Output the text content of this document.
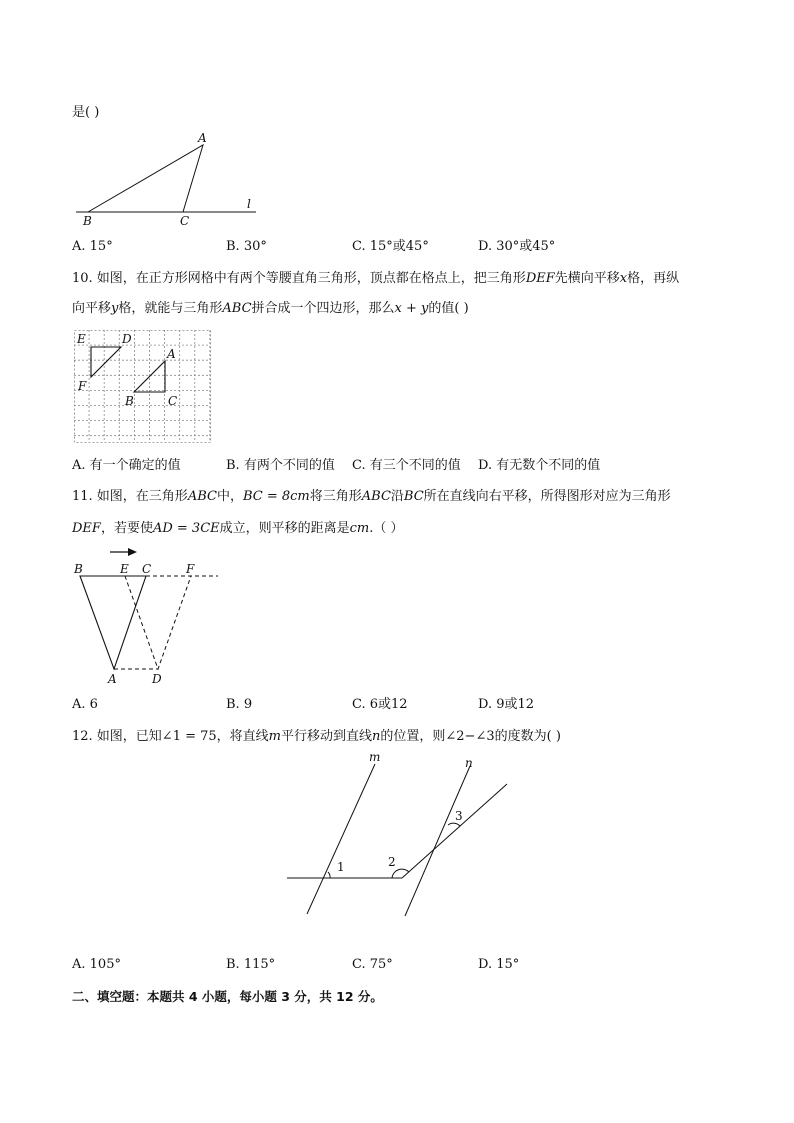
是( )
A
B	C
l
A. 15°	B. 30°	C. 15°或45°	D. 30°或45°
10. 如图，在正方形网格中有两个等腰直角三角形，顶点都在格点上，把三角形DEF先横向平移x格，再纵
向平移y格，就能与三角形ABC拼合成一个四边形，那么x + y的值( )
E	D
F
A
B	C
A. 有一个确定的值	B. 有两个不同的值 C. 有三个不同的值 D. 有无数个不同的值
11. 如图，在三角形ABC中，BC = 8cm将三角形ABC沿BC所在直线向右平移，所得图形对应为三角形
DEF，若要使AD = 3CE成立，则平移的距离是cm.（ ）
B	E C	F
A	D
A. 6	B. 9	C. 6或12	D. 9或12
12. 如图，已知∠1 = 75，将直线m平行移动到直线n的位置，则∠2−∠3的度数为( )
m	n
1	2
3
A. 105°	B. 115°	C. 75°	D. 15°
二、填空题：本题共 4 小题，每小题 3 分，共 12 分。
